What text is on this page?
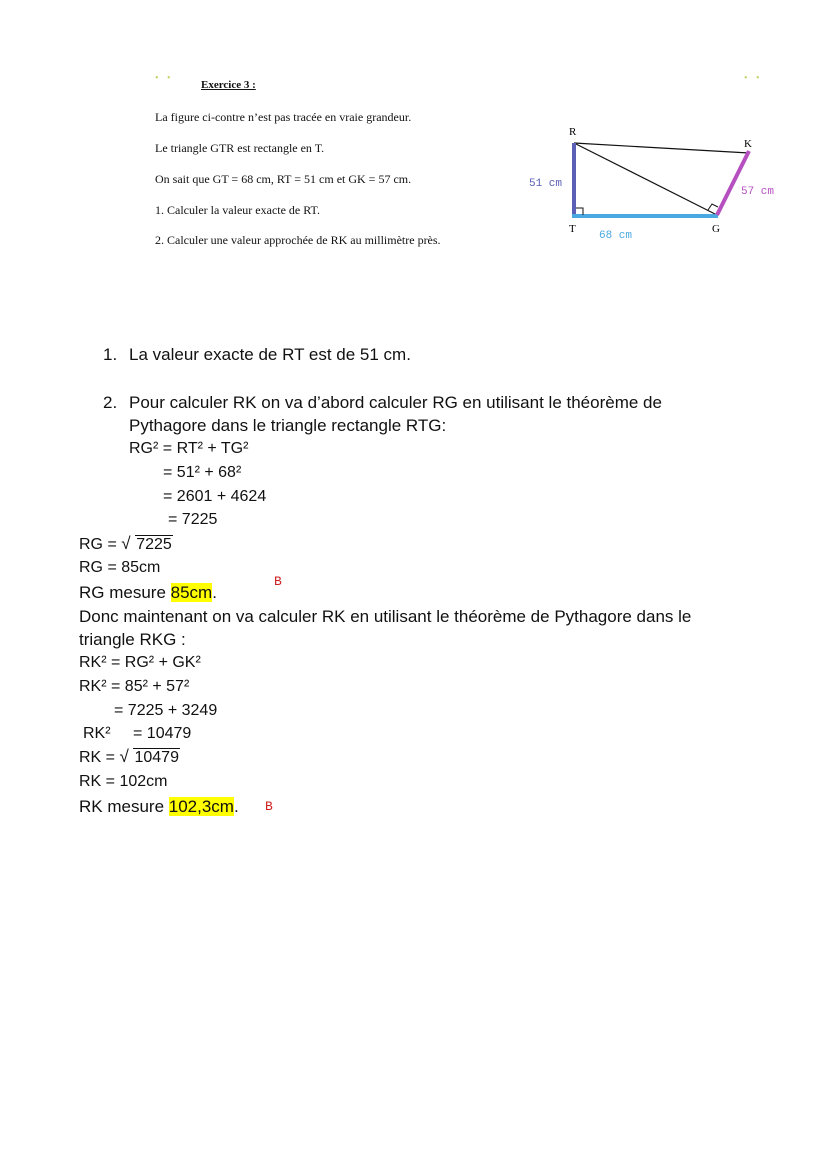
• •	• •
Exercice 3 :
La figure ci-contre n’est pas tracée en vraie grandeur.
Le triangle GTR est rectangle en T.
On sait que GT = 68 cm, RT = 51 cm et GK = 57 cm.
1. Calculer la valeur exacte de RT.
2. Calculer une valeur approchée de RK au millimètre près.
R
K
T	G
51 cm
68 cm
57 cm
1. La valeur exacte de RT est de 51 cm.
2. Pour calculer RK on va d’abord calculer RG en utilisant le théorème de
Pythagore dans le triangle rectangle RTG:
RG² = RT² + TG²
= 51² + 68²
= 2601 + 4624
= 7225
RG = √ 7225
RG = 85cm
RG mesure 85cm.
B
Donc maintenant on va calculer RK en utilisant le théorème de Pythagore dans le
triangle RKG :
RK² = RG² + GK²
RK² = 85² + 57²
= 7225 + 3249
RK² = 10479
RK = √ 10479
RK = 102cm
RK mesure 102,3cm. B
